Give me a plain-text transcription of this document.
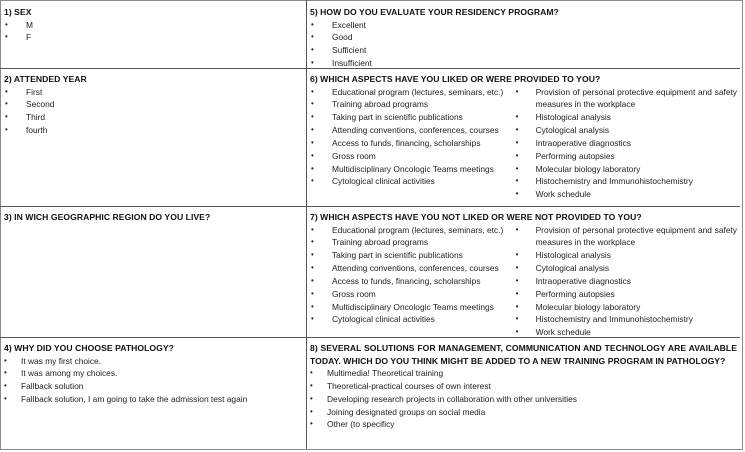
1) SEX
• M
• F
2) ATTENDED YEAR
• First
• Second
• Third
• fourth
3) IN WICH GEOGRAPHIC REGION DO YOU LIVE?
4) WHY DID YOU CHOOSE PATHOLOGY?
• It was my first choice.
• It was among my choices.
• Fallback solution
• Fallback solution, I am going to take the admission test again
5) HOW DO YOU EVALUATE YOUR RESIDENCY PROGRAM?
• Excellent
• Good
• Sufficient
• Insufficient
6) WHICH ASPECTS HAVE YOU LIKED OR WERE PROVIDED TO YOU?
• Educational program (lectures, seminars, etc.)
• Training abroad programs
• Taking part in scientific publications
• Attending conventions, conferences, courses
• Access to funds, financing, scholarships
• Gross room
• Multidisciplinary Oncologic Teams meetings
• Cytological clinical activities
• Provision of personal protective equipment and safety measures in the workplace
• Histological analysis
• Cytological analysis
• Intraoperative diagnostics
• Performing autopsies
• Molecular biology laboratory
• Histochemistry and Immunohistochemistry
• Work schedule
7) WHICH ASPECTS HAVE YOU NOT LIKED OR WERE NOT PROVIDED TO YOU?
• Educational program (lectures, seminars, etc.)
• Training abroad programs
• Taking part in scientific publications
• Attending conventions, conferences, courses
• Access to funds, financing, scholarships
• Gross room
• Multidisciplinary Oncologic Teams meetings
• Cytological clinical activities
• Provision of personal protective equipment and safety measures in the workplace
• Histological analysis
• Cytological analysis
• Intraoperative diagnostics
• Performing autopsies
• Molecular biology laboratory
• Histochemistry and Immunohistochemistry
• Work schedule
8) SEVERAL SOLUTIONS FOR MANAGEMENT, COMMUNICATION AND TECHNOLOGY ARE AVAILABLE TODAY. WHICH DO YOU THINK MIGHT BE ADDED TO A NEW TRAINING PROGRAM IN PATHOLOGY?
• Multimedia! Theoretical training
• Theoretical-practical courses of own interest
• Developing research projects in collaboration with other universities
• Joining designated groups on social media
• Other (to specificy
